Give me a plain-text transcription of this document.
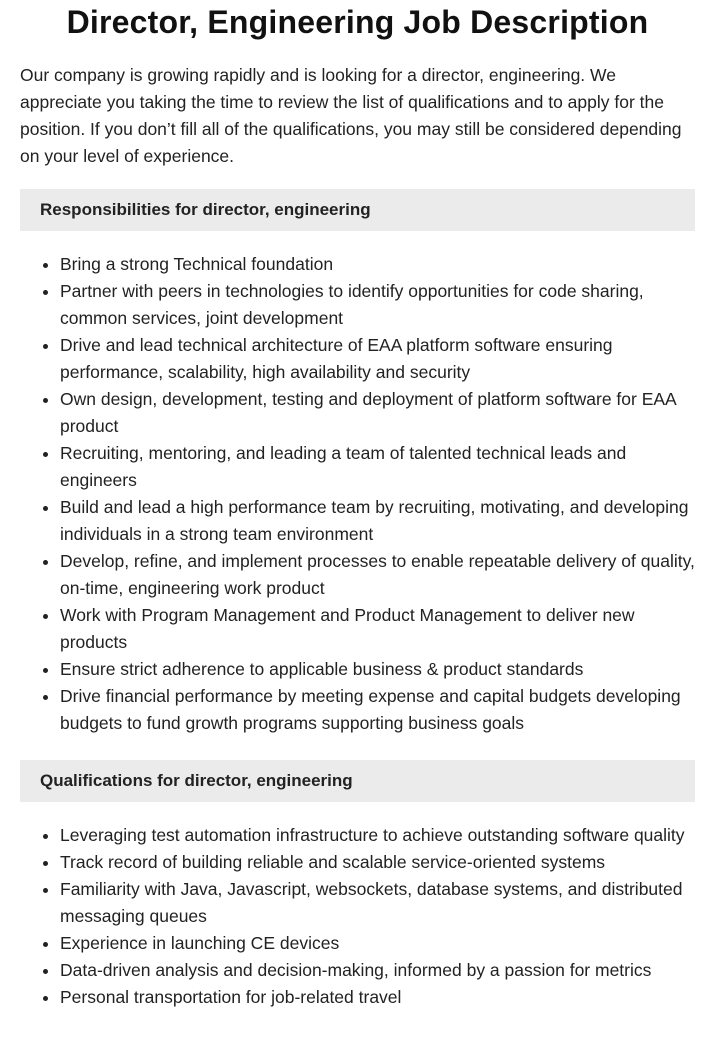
Director, Engineering Job Description

Our company is growing rapidly and is looking for a director, engineering. We appreciate you taking the time to review the list of qualifications and to apply for the position. If you don’t fill all of the qualifications, you may still be considered depending on your level of experience.

Responsibilities for director, engineering
• Bring a strong Technical foundation
• Partner with peers in technologies to identify opportunities for code sharing, common services, joint development
• Drive and lead technical architecture of EAA platform software ensuring performance, scalability, high availability and security
• Own design, development, testing and deployment of platform software for EAA product
• Recruiting, mentoring, and leading a team of talented technical leads and engineers
• Build and lead a high performance team by recruiting, motivating, and developing individuals in a strong team environment
• Develop, refine, and implement processes to enable repeatable delivery of quality, on-time, engineering work product
• Work with Program Management and Product Management to deliver new products
• Ensure strict adherence to applicable business & product standards
• Drive financial performance by meeting expense and capital budgets developing budgets to fund growth programs supporting business goals
Qualifications for director, engineering
• Leveraging test automation infrastructure to achieve outstanding software quality
• Track record of building reliable and scalable service-oriented systems
• Familiarity with Java, Javascript, websockets, database systems, and distributed messaging queues
• Experience in launching CE devices
• Data-driven analysis and decision-making, informed by a passion for metrics
• Personal transportation for job-related travel
